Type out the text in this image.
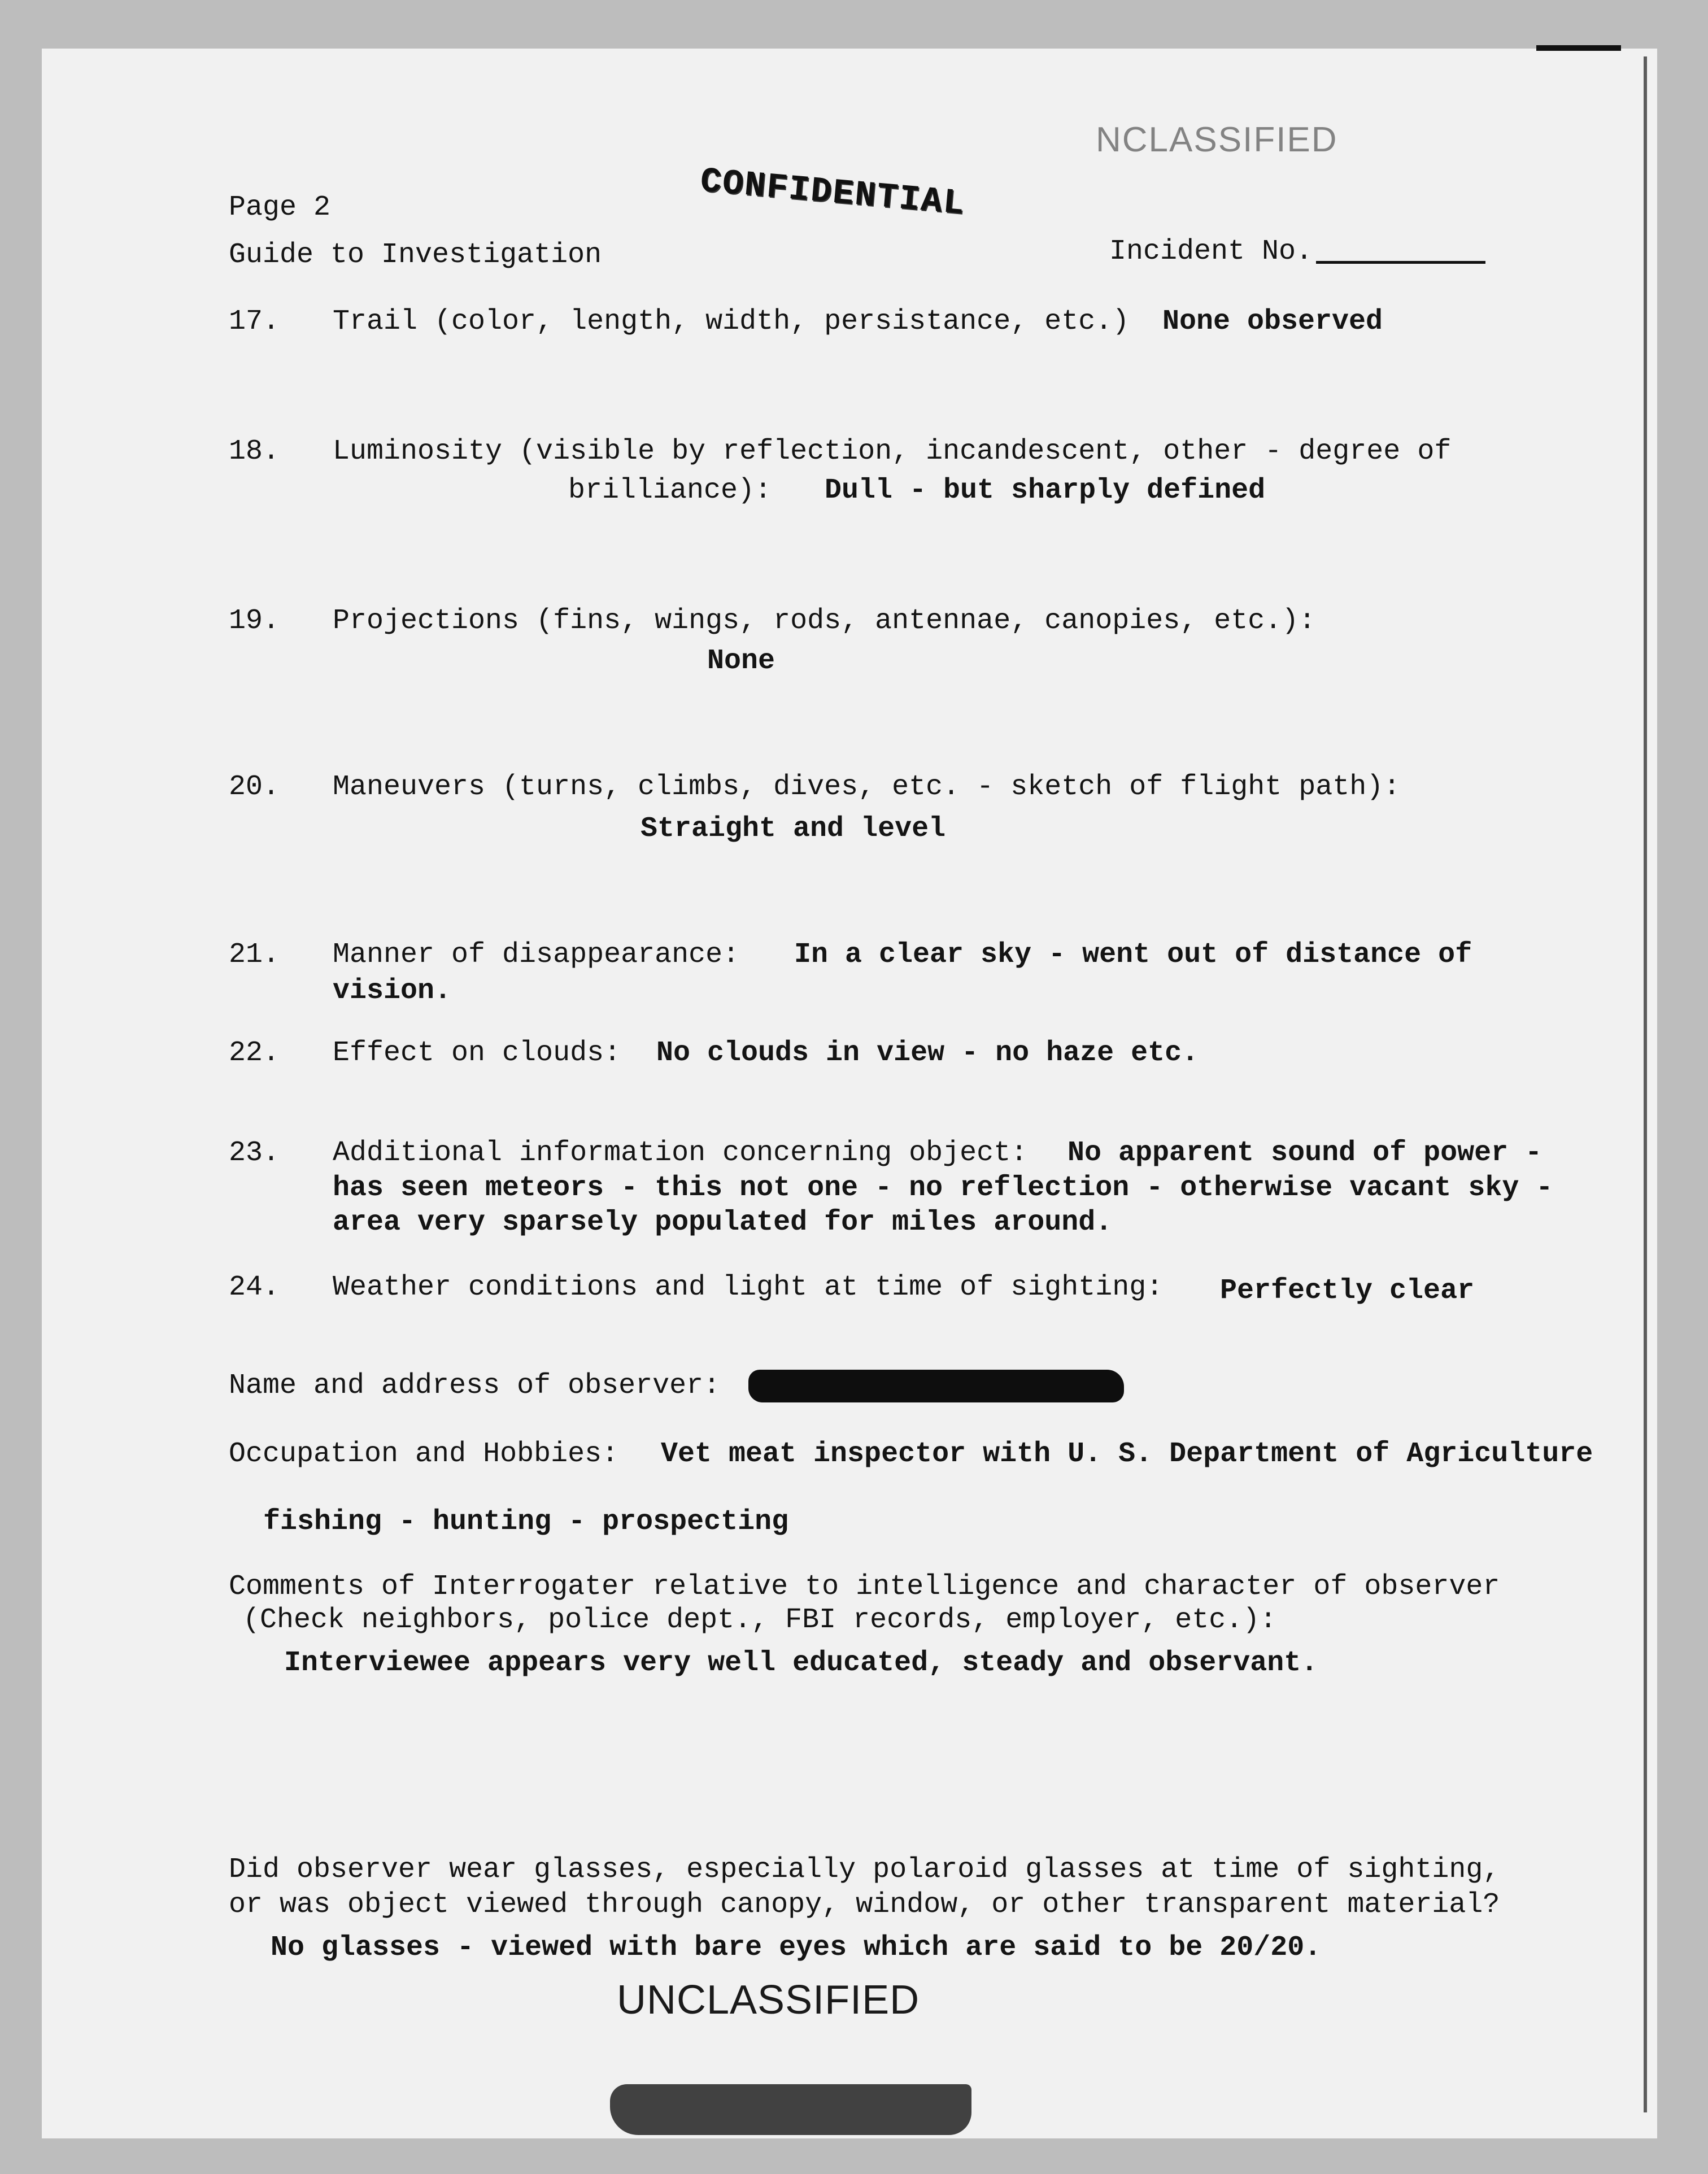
NCLASSIFIED
CONFIDENTIAL
Page 2
Guide to Investigation	Incident No.
17. Trail (color, length, width, persistance, etc.) None observed
18. Luminosity (visible by reflection, incandescent, other - degree of
brilliance): Dull - but sharply defined
19. Projections (fins, wings, rods, antennae, canopies, etc.):
None
20. Maneuvers (turns, climbs, dives, etc. - sketch of flight path):
Straight and level
21. Manner of disappearance: In a clear sky - went out of distance of
vision.
22. Effect on clouds: No clouds in view - no haze etc.
23. Additional information concerning object: No apparent sound of power -
has seen meteors - this not one - no reflection - otherwise vacant sky -
area very sparsely populated for miles around.
24. Weather conditions and light at time of sighting: Perfectly clear
Name and address of observer:
Occupation and Hobbies: Vet meat inspector with U. S. Department of Agriculture
fishing - hunting - prospecting
Comments of Interrogater relative to intelligence and character of observer
(Check neighbors, police dept., FBI records, employer, etc.):
Interviewee appears very well educated, steady and observant.
Did observer wear glasses, especially polaroid glasses at time of sighting,
or was object viewed through canopy, window, or other transparent material?
No glasses - viewed with bare eyes which are said to be 20/20.
UNCLASSIFIED
